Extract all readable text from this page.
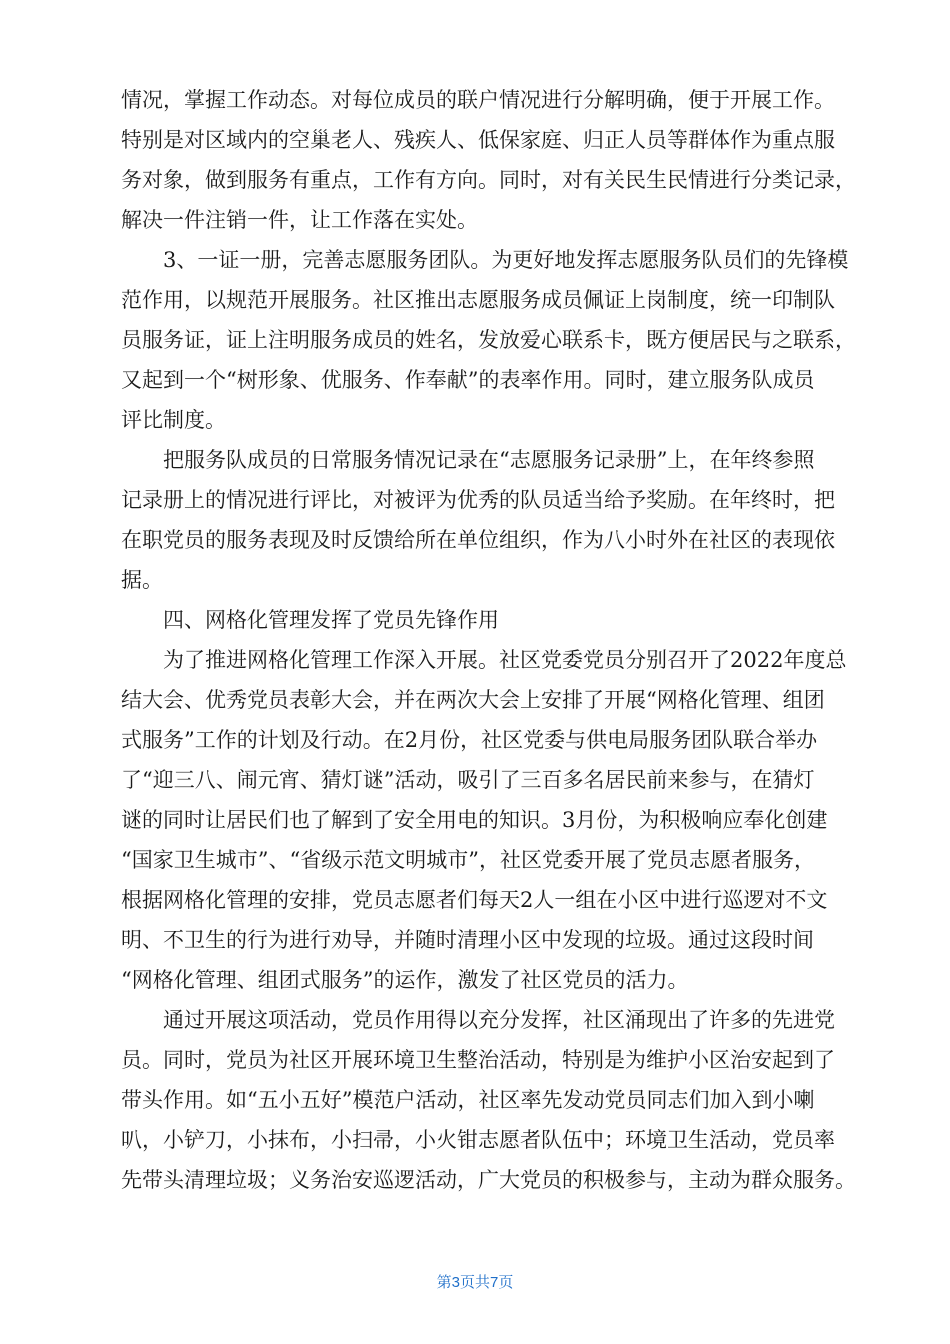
情况，掌握工作动态。对每位成员的联户情况进行分解明确，便于开展工作。
特别是对区域内的空巢老人、残疾人、低保家庭、归正人员等群体作为重点服
务对象，做到服务有重点，工作有方向。同时，对有关民生民情进行分类记录，
解决一件注销一件，让工作落在实处。
3、一证一册，完善志愿服务团队。为更好地发挥志愿服务队员们的先锋模
范作用，以规范开展服务。社区推出志愿服务成员佩证上岗制度，统一印制队
员服务证，证上注明服务成员的姓名，发放爱心联系卡，既方便居民与之联系，
又起到一个“树形象、优服务、作奉献”的表率作用。同时，建立服务队成员
评比制度。
把服务队成员的日常服务情况记录在“志愿服务记录册”上，在年终参照
记录册上的情况进行评比，对被评为优秀的队员适当给予奖励。在年终时，把
在职党员的服务表现及时反馈给所在单位组织，作为八小时外在社区的表现依
据。
四、网格化管理发挥了党员先锋作用
为了推进网格化管理工作深入开展。社区党委党员分别召开了2022年度总
结大会、优秀党员表彰大会，并在两次大会上安排了开展“网格化管理、组团
式服务”工作的计划及行动。在2月份，社区党委与供电局服务团队联合举办
了“迎三八、闹元宵、猜灯谜”活动，吸引了三百多名居民前来参与，在猜灯
谜的同时让居民们也了解到了安全用电的知识。3月份，为积极响应奉化创建
“国家卫生城市”、“省级示范文明城市”，社区党委开展了党员志愿者服务，
根据网格化管理的安排，党员志愿者们每天2人一组在小区中进行巡逻对不文
明、不卫生的行为进行劝导，并随时清理小区中发现的垃圾。通过这段时间
“网格化管理、组团式服务”的运作，激发了社区党员的活力。
通过开展这项活动，党员作用得以充分发挥，社区涌现出了许多的先进党
员。同时，党员为社区开展环境卫生整治活动，特别是为维护小区治安起到了
带头作用。如“五小五好”模范户活动，社区率先发动党员同志们加入到小喇
叭，小铲刀，小抹布，小扫帚，小火钳志愿者队伍中；环境卫生活动，党员率
先带头清理垃圾；义务治安巡逻活动，广大党员的积极参与，主动为群众服务。
第3页共7页
